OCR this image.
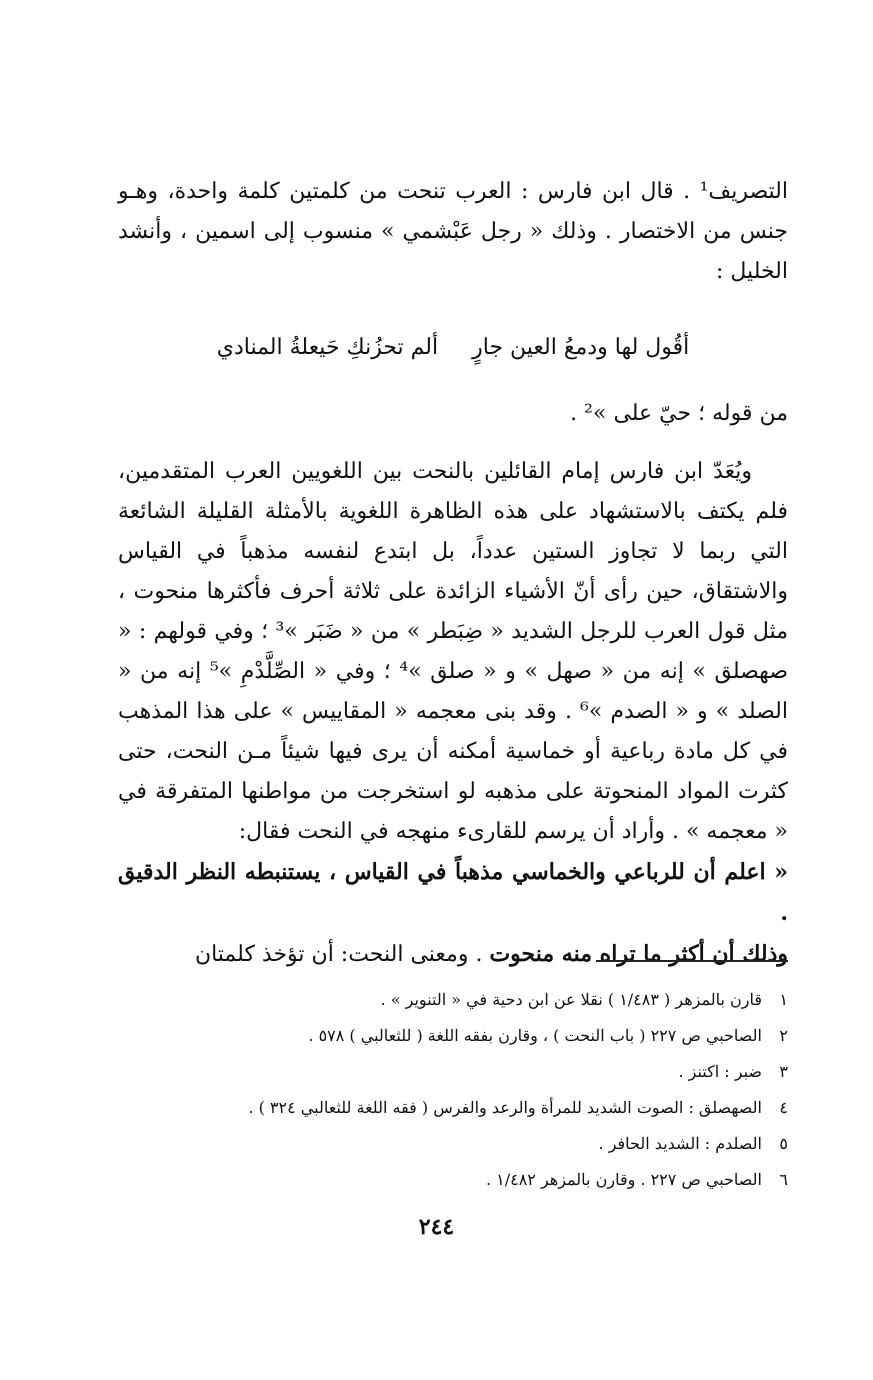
التصريف¹ . قال ابن فارس : العرب تنحت من كلمتين كلمة واحدة، وهـو جنس من الاختصار . وذلك « رجل عَبْشمي » منسوب إلى اسمين ، وأنشد الخليل :

أقُول لها ودمعُ العين جارٍ
ألم تحزُنكِ حَيعلةُ المنادي

من قوله ؛ حيّ على »² .

ويُعَدّ ابن فارس إمام القائلين بالنحت بين اللغويين العرب المتقدمين، فلم يكتف بالاستشهاد على هذه الظاهرة اللغوية بالأمثلة القليلة الشائعة التي ربما لا تجاوز الستين عدداً، بل ابتدع لنفسه مذهباً في القياس والاشتقاق، حين رأى أنّ الأشياء الزائدة على ثلاثة أحرف فأكثرها منحوت ، مثل قول العرب للرجل الشديد « ضِبَطر » من « ضَبَر »³ ؛ وفي قولهم : « صهصلق » إنه من « صهل » و « صلق »⁴ ؛ وفي « الصِّلَّدْمِ »⁵ إنه من « الصلد » و « الصدم »⁶ . وقد بنى معجمه « المقاييس » على هذا المذهب في كل مادة رباعية أو خماسية أمكنه أن يرى فيها شيئاً مـن النحت، حتى كثرت المواد المنحوتة على مذهبه لو استخرجت من مواطنها المتفرقة في « معجمه » . وأراد أن يرسم للقارىء منهجه في النحت فقال:

« اعلم أن للرباعي والخماسي مذهباً في القياس ، يستنبطه النظر الدقيق .
وذلك أن أكثر ما تراه منه منحوت . ومعنى النحت: أن تؤخذ كلمتان

١قارن بالمزهر ( ١/٤٨٣ ) نقلا عن ابن دحية في « التنوير » .

٢الصاحبي ص ٢٢٧ ( باب النحت ) ، وقارن بفقه اللغة ( للثعالبي ) ٥٧٨ .

٣ضبر : اكتنز .

٤الصهصلق : الصوت الشديد للمرأة والرعد والفرس ( فقه اللغة للثعالبي ٣٢٤ ) .

٥الصلدم : الشديد الحافر .

٦الصاحبي ص ٢٢٧ . وقارن بالمزهر ١/٤٨٢ .

٢٤٤
